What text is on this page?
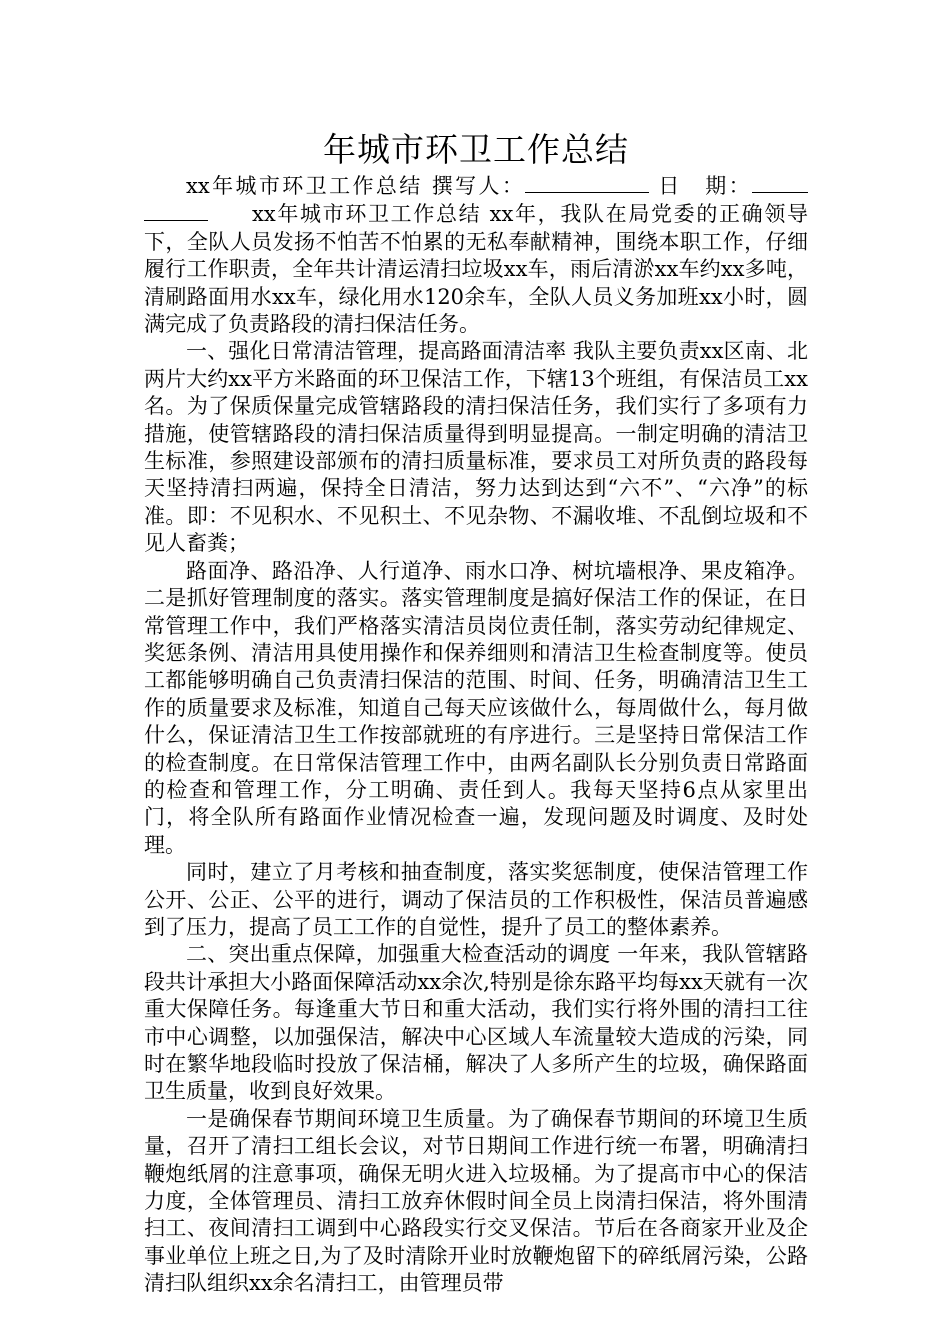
年城市环卫工作总结
xx年城市环卫工作总结 撰写人：	日　期：xx年城市环卫工作总结 xx年，我队在局党委的正确领导下，全队人员发扬不怕苦不怕累的无私奉献精神，围绕本职工作，仔细履行工作职责，全年共计清运清扫垃圾xx车，雨后清淤xx车约xx多吨，清刷路面用水xx车，绿化用水120余车，全队人员义务加班xx小时，圆满完成了负责路段的清扫保洁任务。

一、强化日常清洁管理，提高路面清洁率 我队主要负责xx区南、北两片大约xx平方米路面的环卫保洁工作，下辖13个班组，有保洁员工xx名。为了保质保量完成管辖路段的清扫保洁任务，我们实行了多项有力措施，使管辖路段的清扫保洁质量得到明显提高。一制定明确的清洁卫生标准，参照建设部颁布的清扫质量标准，要求员工对所负责的路段每天坚持清扫两遍，保持全日清洁，努力达到达到“六不”、“六净”的标准。即：不见积水、不见积土、不见杂物、不漏收堆、不乱倒垃圾和不见人畜粪；

路面净、路沿净、人行道净、雨水口净、树坑墙根净、果皮箱净。二是抓好管理制度的落实。落实管理制度是搞好保洁工作的保证，在日常管理工作中，我们严格落实清洁员岗位责任制，落实劳动纪律规定、奖惩条例、清洁用具使用操作和保养细则和清洁卫生检查制度等。使员工都能够明确自己负责清扫保洁的范围、时间、任务，明确清洁卫生工作的质量要求及标准，知道自己每天应该做什么，每周做什么，每月做什么，保证清洁卫生工作按部就班的有序进行。三是坚持日常保洁工作的检查制度。在日常保洁管理工作中，由两名副队长分别负责日常路面的检查和管理工作，分工明确、责任到人。我每天坚持6点从家里出门，将全队所有路面作业情况检查一遍，发现问题及时调度、及时处理。

同时，建立了月考核和抽查制度，落实奖惩制度，使保洁管理工作公开、公正、公平的进行，调动了保洁员的工作积极性，保洁员普遍感到了压力，提高了员工工作的自觉性，提升了员工的整体素养。

二、突出重点保障，加强重大检查活动的调度 一年来，我队管辖路段共计承担大小路面保障活动xx余次,特别是徐东路平均每xx天就有一次重大保障任务。每逢重大节日和重大活动，我们实行将外围的清扫工往市中心调整，以加强保洁，解决中心区域人车流量较大造成的污染，同时在繁华地段临时投放了保洁桶，解决了人多所产生的垃圾，确保路面卫生质量，收到良好效果。

一是确保春节期间环境卫生质量。为了确保春节期间的环境卫生质量，召开了清扫工组长会议，对节日期间工作进行统一布署，明确清扫鞭炮纸屑的注意事项，确保无明火进入垃圾桶。为了提高市中心的保洁力度，全体管理员、清扫工放弃休假时间全员上岗清扫保洁，将外围清扫工、夜间清扫工调到中心路段实行交叉保洁。节后在各商家开业及企事业单位上班之日,为了及时清除开业时放鞭炮留下的碎纸屑污染，公路清扫队组织xx余名清扫工，由管理员带
